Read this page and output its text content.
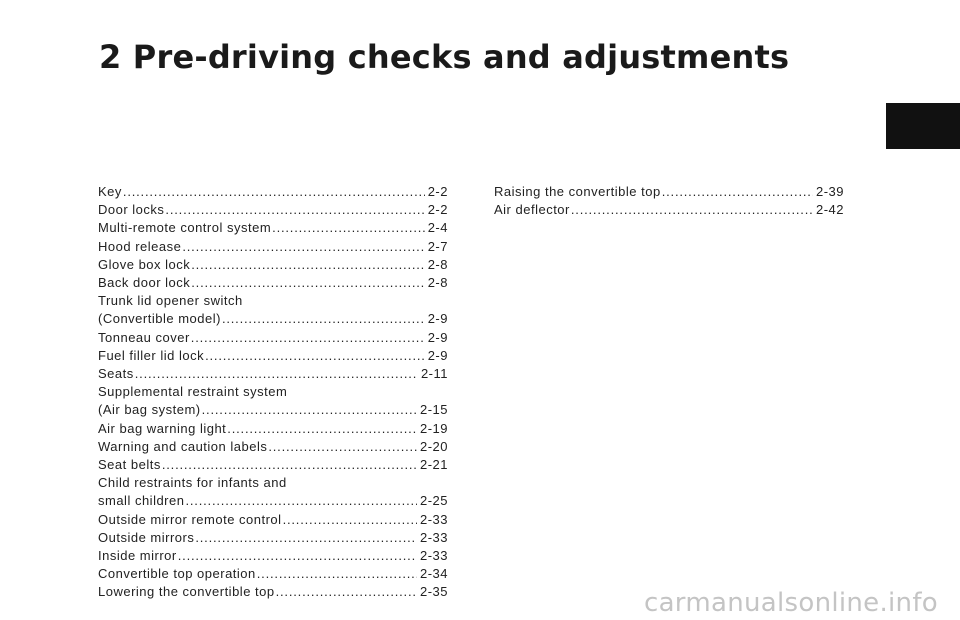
2 Pre-driving checks and adjustments
Key .....	2-2
Door locks .....	2-2
Multi-remote control system .....	2-4
Hood release .....	2-7
Glove box lock .....	2-8
Back door lock .....	2-8
Trunk lid opener switch
(Convertible model) .....	2-9
Tonneau cover .....	2-9
Fuel filler lid lock .....	2-9
Seats .....	2-11
Supplemental restraint system
(Air bag system) .....	2-15
Air bag warning light .....	2-19
Warning and caution labels .....	2-20
Seat belts .....	2-21
Child restraints for infants and
small children .....	2-25
Outside mirror remote control .....	2-33
Outside mirrors .....	2-33
Inside mirror .....	2-33
Convertible top operation .....	2-34
Lowering the convertible top .....	2-35
Raising the convertible top .....	2-39
Air deflector .....	2-42
carmanualsonline.info
